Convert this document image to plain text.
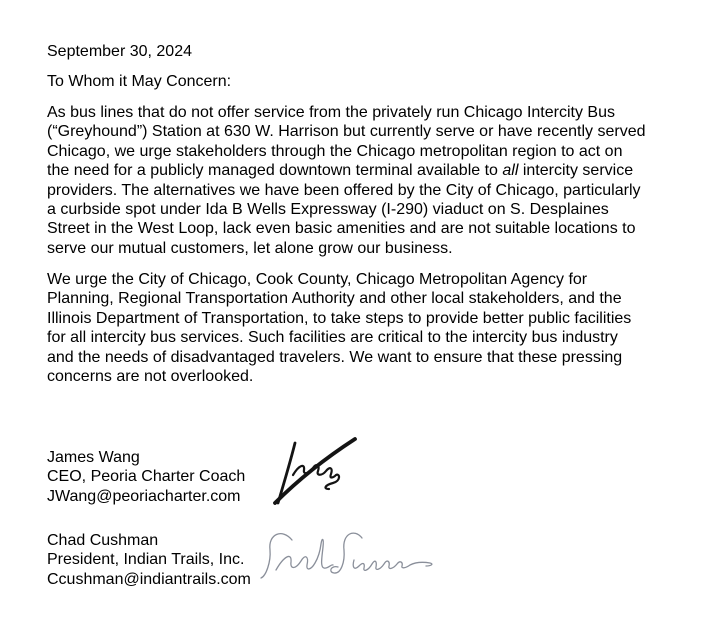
September 30, 2024
To Whom it May Concern:
As bus lines that do not offer service from the privately run Chicago Intercity Bus
(“Greyhound”) Station at 630 W. Harrison but currently serve or have recently served
Chicago, we urge stakeholders through the Chicago metropolitan region to act on
the need for a publicly managed downtown terminal available to all intercity service
providers. The alternatives we have been offered by the City of Chicago, particularly
a curbside spot under Ida B Wells Expressway (I-290) viaduct on S. Desplaines
Street in the West Loop, lack even basic amenities and are not suitable locations to
serve our mutual customers, let alone grow our business.
We urge the City of Chicago, Cook County, Chicago Metropolitan Agency for
Planning, Regional Transportation Authority and other local stakeholders, and the
Illinois Department of Transportation, to take steps to provide better public facilities
for all intercity bus services. Such facilities are critical to the intercity bus industry
and the needs of disadvantaged travelers. We want to ensure that these pressing
concerns are not overlooked.
James Wang
CEO, Peoria Charter Coach
JWang@peoriacharter.com
Chad Cushman
President, Indian Trails, Inc.
Ccushman@indiantrails.com
